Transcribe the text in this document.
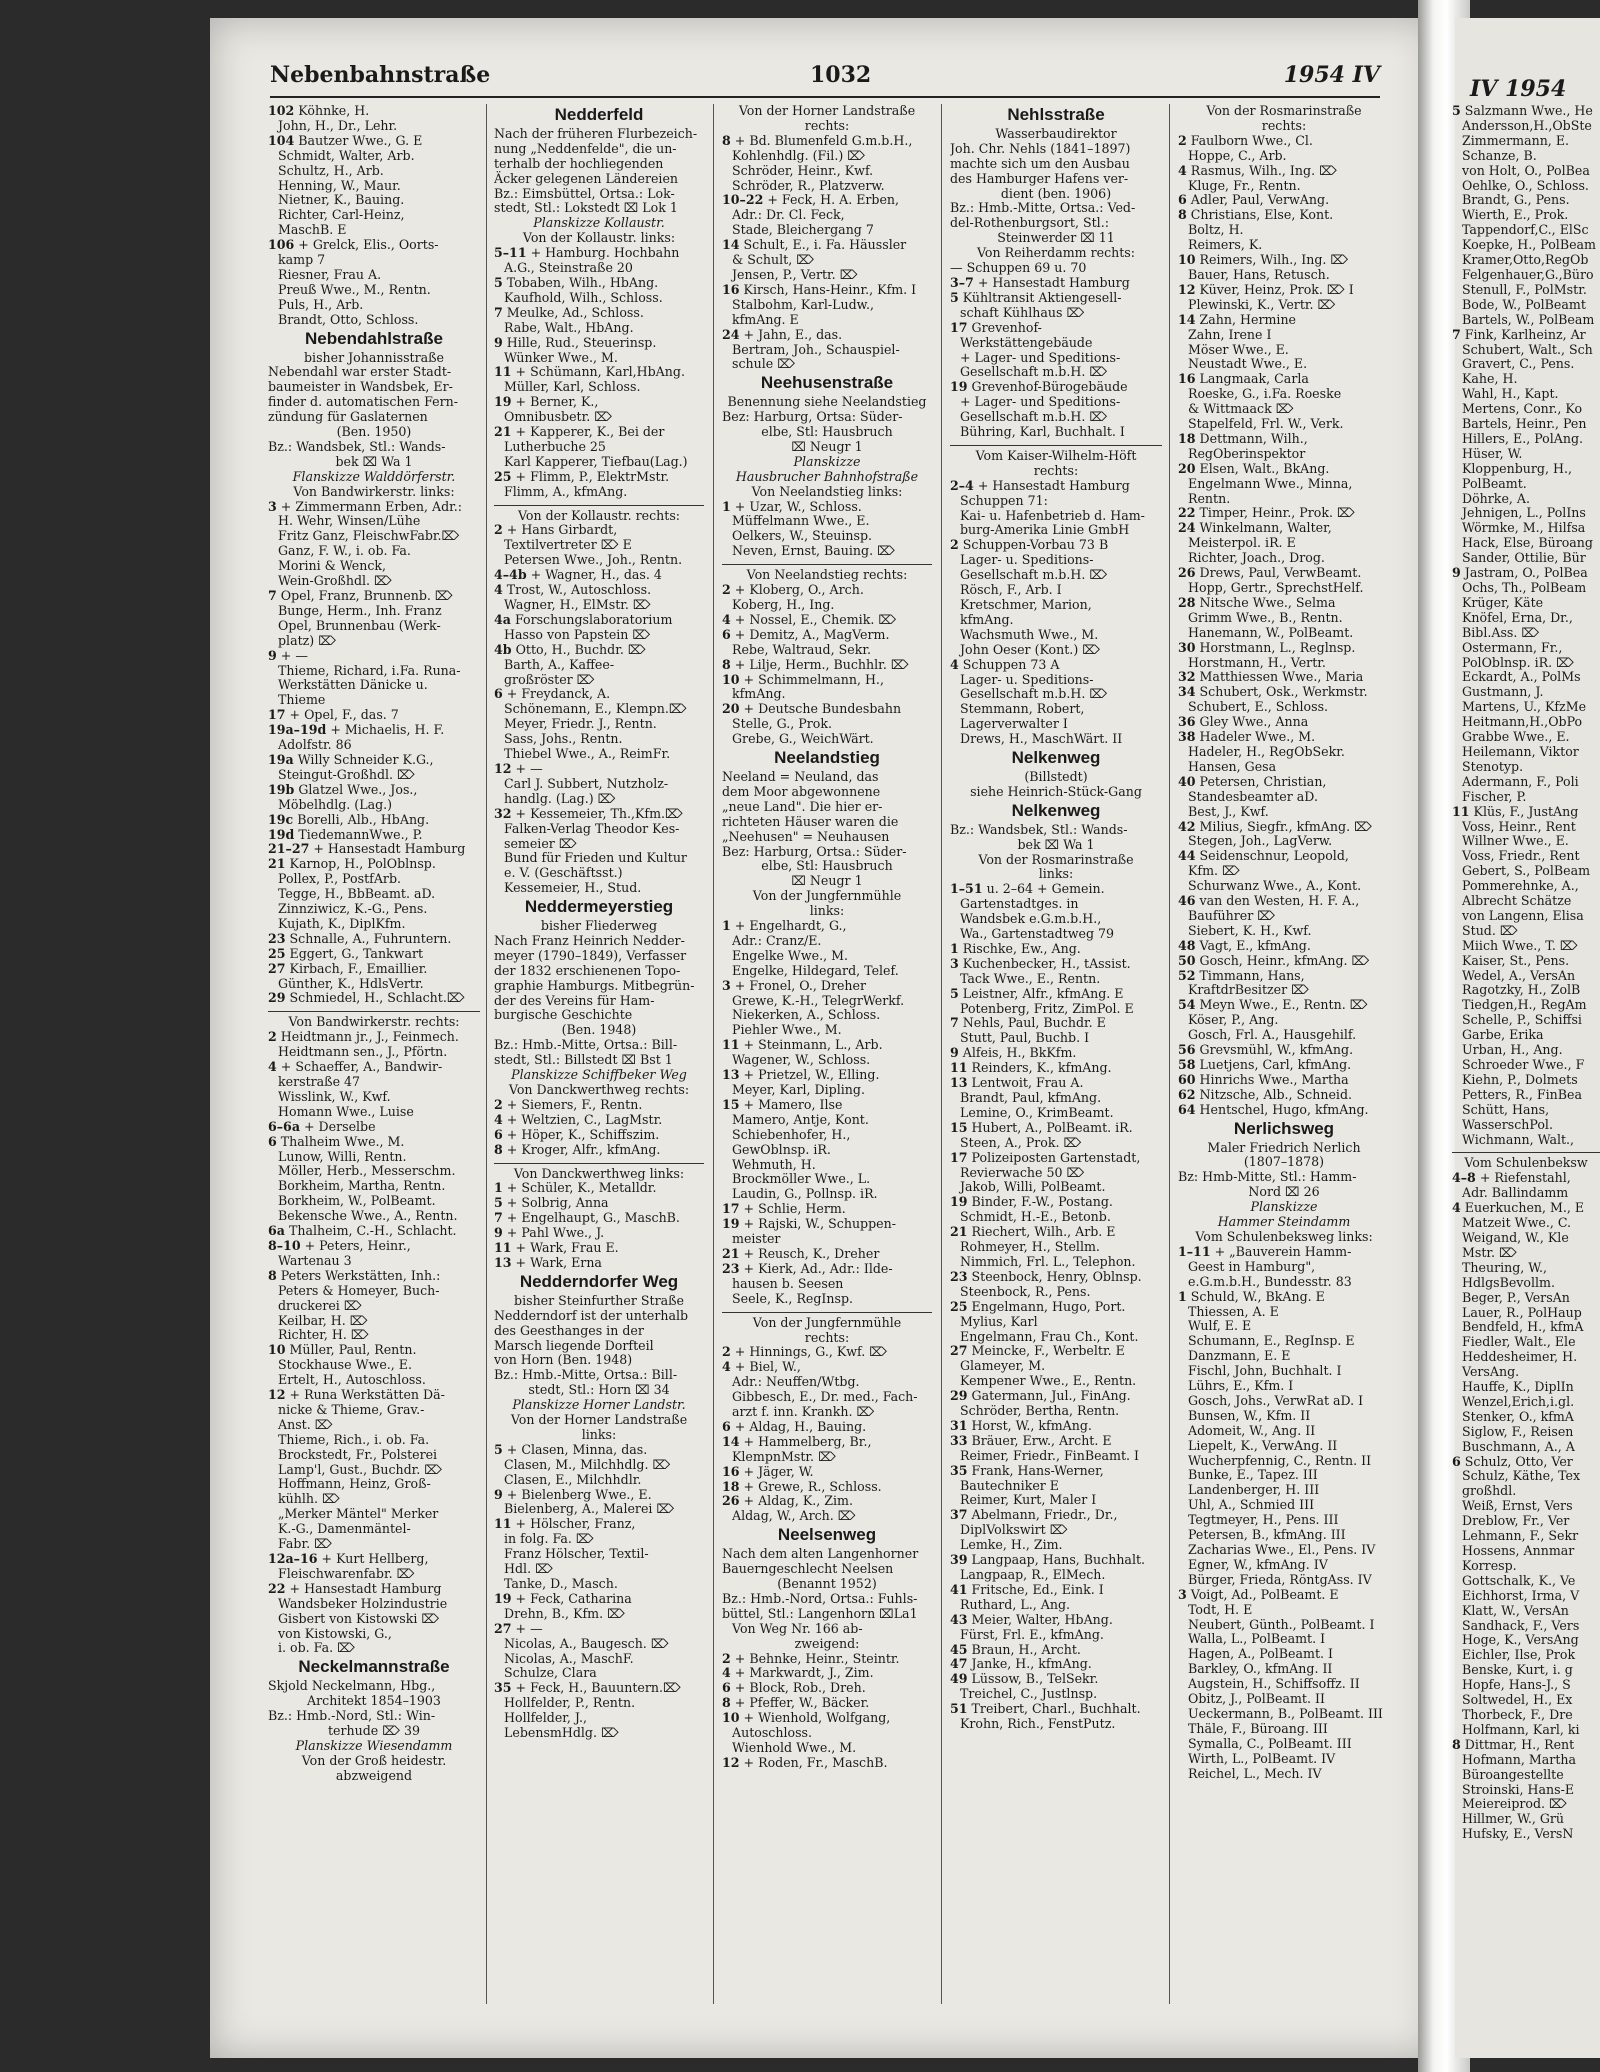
Nebenbahnstraße	1032	1954 IV
IV 1954

102 Köhnke, H.

John, H., Dr., Lehr.

104 Bautzer Wwe., G. E

Schmidt, Walter, Arb.

Schultz, H., Arb.

Henning, W., Maur.

Nietner, K., Bauing.

Richter, Carl-Heinz,

MaschB. E

106 + Grelck, Elis., Oorts-

kamp 7

Riesner, Frau A.

Preuß Wwe., M., Rentn.

Puls, H., Arb.

Brandt, Otto, Schloss.

Nebendahlstraße

bisher Johannisstraße

Nebendahl war erster Stadt-

baumeister in Wandsbek, Er-

finder d. automatischen Fern-

zündung für Gaslaternen

(Ben. 1950)

Bz.: Wandsbek, Stl.: Wands-

bek ⌧ Wa 1

Flanskizze Walddörferstr.

Von Bandwirkerstr. links:

3 + Zimmermann Erben, Adr.:

H. Wehr, Winsen/Lühe

Fritz Ganz, FleischwFabr.⌦

Ganz, F. W., i. ob. Fa.

Morini & Wenck,

Wein-Großhdl. ⌦

7 Opel, Franz, Brunnenb. ⌦

Bunge, Herm., Inh. Franz

Opel, Brunnenbau (Werk-

platz) ⌦

9 + —

Thieme, Richard, i.Fa. Runa-

Werkstätten Dänicke u.

Thieme

17 + Opel, F., das. 7

19a–19d + Michaelis, H. F.

Adolfstr. 86

19a Willy Schneider K.G.,

Steingut-Großhdl. ⌦

19b Glatzel Wwe., Jos.,

Möbelhdlg. (Lag.)

19c Borelli, Alb., HbAng.

19d TiedemannWwe., P.

21–27 + Hansestadt Hamburg

21 Karnop, H., PolOblnsp.

Pollex, P., PostfArb.

Tegge, H., BbBeamt. aD.

Zinnziwicz, K.-G., Pens.

Kujath, K., DiplKfm.

23 Schnalle, A., Fuhruntern.

25 Eggert, G., Tankwart

27 Kirbach, F., Emaillier.

Günther, K., HdlsVertr.

29 Schmiedel, H., Schlacht.⌦

Von Bandwirkerstr. rechts:

2 Heidtmann jr., J., Feinmech.

Heidtmann sen., J., Pförtn.

4 + Schaeffer, A., Bandwir-

kerstraße 47

Wisslink, W., Kwf.

Homann Wwe., Luise

6–6a + Derselbe

6 Thalheim Wwe., M.

Lunow, Willi, Rentn.

Möller, Herb., Messerschm.

Borkheim, Martha, Rentn.

Borkheim, W., PolBeamt.

Bekensche Wwe., A., Rentn.

6a Thalheim, C.-H., Schlacht.

8–10 + Peters, Heinr.,

Wartenau 3

8 Peters Werkstätten, Inh.:

Peters & Homeyer, Buch-

druckerei ⌦

Keilbar, H. ⌦

Richter, H. ⌦

10 Müller, Paul, Rentn.

Stockhause Wwe., E.

Ertelt, H., Autoschloss.

12 + Runa Werkstätten Dä-

nicke & Thieme, Grav.-

Anst. ⌦

Thieme, Rich., i. ob. Fa.

Brockstedt, Fr., Polsterei

Lamp'l, Gust., Buchdr. ⌦

Hoffmann, Heinz, Groß-

kühlh. ⌦

„Merker Mäntel" Merker

K.-G., Damenmäntel-

Fabr. ⌦

12a–16 + Kurt Hellberg,

Fleischwarenfabr. ⌦

22 + Hansestadt Hamburg

Wandsbeker Holzindustrie

Gisbert von Kistowski ⌦

von Kistowski, G.,

i. ob. Fa. ⌦

Neckelmannstraße

Skjold Neckelmann, Hbg.,

Architekt 1854–1903

Bz.: Hmb.-Nord, Stl.: Win-

terhude ⌦ 39

Planskizze Wiesendamm

Von der Groß heidestr.

abzweigend

Nedderfeld

Nach der früheren Flurbezeich-

nung „Neddenfelde", die un-

terhalb der hochliegenden

Äcker gelegenen Ländereien

Bz.: Eimsbüttel, Ortsa.: Lok-

stedt, Stl.: Lokstedt ⌧ Lok 1

Planskizze Kollaustr.

Von der Kollaustr. links:

5–11 + Hamburg. Hochbahn

A.G., Steinstraße 20

5 Tobaben, Wilh., HbAng.

Kaufhold, Wilh., Schloss.

7 Meulke, Ad., Schloss.

Rabe, Walt., HbAng.

9 Hille, Rud., Steuerinsp.

Wünker Wwe., M.

11 + Schümann, Karl,HbAng.

Müller, Karl, Schloss.

19 + Berner, K.,

Omnibusbetr. ⌦

21 + Kapperer, K., Bei der

Lutherbuche 25

Karl Kapperer, Tiefbau(Lag.)

25 + Flimm, P., ElektrMstr.

Flimm, A., kfmAng.

Von der Kollaustr. rechts:

2 + Hans Girbardt,

Textilvertreter ⌦ E

Petersen Wwe., Joh., Rentn.

4–4b + Wagner, H., das. 4

4 Trost, W., Autoschloss.

Wagner, H., ElMstr. ⌦

4a Forschungslaboratorium

Hasso von Papstein ⌦

4b Otto, H., Buchdr. ⌦

Barth, A., Kaffee-

großröster ⌦

6 + Freydanck, A.

Schönemann, E., Klempn.⌦

Meyer, Friedr. J., Rentn.

Sass, Johs., Rentn.

Thiebel Wwe., A., ReimFr.

12 + —

Carl J. Subbert, Nutzholz-

handlg. (Lag.) ⌦

32 + Kessemeier, Th.,Kfm.⌦

Falken-Verlag Theodor Kes-

semeier ⌦

Bund für Frieden und Kultur

e. V. (Geschäftsst.)

Kessemeier, H., Stud.

Neddermeyerstieg

bisher Fliederweg

Nach Franz Heinrich Nedder-

meyer (1790–1849), Verfasser

der 1832 erschienenen Topo-

graphie Hamburgs. Mitbegrün-

der des Vereins für Ham-

burgische Geschichte

(Ben. 1948)

Bz.: Hmb.-Mitte, Ortsa.: Bill-

stedt, Stl.: Billstedt ⌧ Bst 1

Planskizze Schiffbeker Weg

Von Danckwerthweg rechts:

2 + Siemers, F., Rentn.

4 + Weltzien, C., LagMstr.

6 + Höper, K., Schiffszim.

8 + Kroger, Alfr., kfmAng.

Von Danckwerthweg links:

1 + Schüler, K., Metalldr.

5 + Solbrig, Anna

7 + Engelhaupt, G., MaschB.

9 + Pahl Wwe., J.

11 + Wark, Frau E.

13 + Wark, Erna

Nedderndorfer Weg

bisher Steinfurther Straße

Nedderndorf ist der unterhalb

des Geesthanges in der

Marsch liegende Dorfteil

von Horn (Ben. 1948)

Bz.: Hmb.-Mitte, Ortsa.: Bill-

stedt, Stl.: Horn ⌧ 34

Planskizze Horner Landstr.

Von der Horner Landstraße

links:

5 + Clasen, Minna, das.

Clasen, M., Milchhdlg. ⌦

Clasen, E., Milchhdlr.

9 + Bielenberg Wwe., E.

Bielenberg, A., Malerei ⌦

11 + Hölscher, Franz,

in folg. Fa. ⌦

Franz Hölscher, Textil-

Hdl. ⌦

Tanke, D., Masch.

19 + Feck, Catharina

Drehn, B., Kfm. ⌦

27 + —

Nicolas, A., Baugesch. ⌦

Nicolas, A., MaschF.

Schulze, Clara

35 + Feck, H., Bauuntern.⌦

Hollfelder, P., Rentn.

Hollfelder, J.,

LebensmHdlg. ⌦

Von der Horner Landstraße

rechts:

8 + Bd. Blumenfeld G.m.b.H.,

Kohlenhdlg. (Fil.) ⌦

Schröder, Heinr., Kwf.

Schröder, R., Platzverw.

10–22 + Feck, H. A. Erben,

Adr.: Dr. Cl. Feck,

Stade, Bleichergang 7

14 Schult, E., i. Fa. Häussler

& Schult, ⌦

Jensen, P., Vertr. ⌦

16 Kirsch, Hans-Heinr., Kfm. I

Stalbohm, Karl-Ludw.,

kfmAng. E

24 + Jahn, E., das.

Bertram, Joh., Schauspiel-

schule ⌦

Neehusenstraße

Benennung siehe Neelandstieg

Bez: Harburg, Ortsa: Süder-

elbe, Stl: Hausbruch

⌧ Neugr 1

Planskizze

Hausbrucher Bahnhofstraße

Von Neelandstieg links:

1 + Uzar, W., Schloss.

Müffelmann Wwe., E.

Oelkers, W., Steuinsp.

Neven, Ernst, Bauing. ⌦

Von Neelandstieg rechts:

2 + Kloberg, O., Arch.

Koberg, H., Ing.

4 + Nossel, E., Chemik. ⌦

6 + Demitz, A., MagVerm.

Rebe, Waltraud, Sekr.

8 + Lilje, Herm., Buchhlr. ⌦

10 + Schimmelmann, H.,

kfmAng.

20 + Deutsche Bundesbahn

Stelle, G., Prok.

Grebe, G., WeichWärt.

Neelandstieg

Neeland = Neuland, das

dem Moor abgewonnene

„neue Land". Die hier er-

richteten Häuser waren die

„Neehusen" = Neuhausen

Bez: Harburg, Ortsa.: Süder-

elbe, Stl: Hausbruch

⌧ Neugr 1

Von der Jungfernmühle

links:

1 + Engelhardt, G.,

Adr.: Cranz/E.

Engelke Wwe., M.

Engelke, Hildegard, Telef.

3 + Fronel, O., Dreher

Grewe, K.-H., TelegrWerkf.

Niekerken, A., Schloss.

Piehler Wwe., M.

11 + Steinmann, L., Arb.

Wagener, W., Schloss.

13 + Prietzel, W., Elling.

Meyer, Karl, Dipling.

15 + Mamero, Ilse

Mamero, Antje, Kont.

Schiebenhofer, H.,

GewOblnsp. iR.

Wehmuth, H.

Brockmöller Wwe., L.

Laudin, G., Pollnsp. iR.

17 + Schlie, Herm.

19 + Rajski, W., Schuppen-

meister

21 + Reusch, K., Dreher

23 + Kierk, Ad., Adr.: Ilde-

hausen b. Seesen

Seele, K., RegInsp.

Von der Jungfernmühle

rechts:

2 + Hinnings, G., Kwf. ⌦

4 + Biel, W.,

Adr.: Neuffen/Wtbg.

Gibbesch, E., Dr. med., Fach-

arzt f. inn. Krankh. ⌦

6 + Aldag, H., Bauing.

14 + Hammelberg, Br.,

KlempnMstr. ⌦

16 + Jäger, W.

18 + Grewe, R., Schloss.

26 + Aldag, K., Zim.

Aldag, W., Arch. ⌦

Neelsenweg

Nach dem alten Langenhorner

Bauerngeschlecht Neelsen

(Benannt 1952)

Bz.: Hmb.-Nord, Ortsa.: Fuhls-

büttel, Stl.: Langenhorn ⌧La1

Von Weg Nr. 166 ab-

zweigend:

2 + Behnke, Heinr., Steintr.

4 + Markwardt, J., Zim.

6 + Block, Rob., Dreh.

8 + Pfeffer, W., Bäcker.

10 + Wienhold, Wolfgang,

Autoschloss.

Wienhold Wwe., M.

12 + Roden, Fr., MaschB.

Nehlsstraße

Wasserbaudirektor

Joh. Chr. Nehls (1841–1897)

machte sich um den Ausbau

des Hamburger Hafens ver-

dient (ben. 1906)

Bz.: Hmb.-Mitte, Ortsa.: Ved-

del-Rothenburgsort, Stl.:

Steinwerder ⌧ 11

Von Reiherdamm rechts:

— Schuppen 69 u. 70

3–7 + Hansestadt Hamburg

5 Kühltransit Aktiengesell-

schaft Kühlhaus ⌦

17 Grevenhof-

Werkstättengebäude

+ Lager- und Speditions-

Gesellschaft m.b.H. ⌦

19 Grevenhof-Bürogebäude

+ Lager- und Speditions-

Gesellschaft m.b.H. ⌦

Bühring, Karl, Buchhalt. I

Vom Kaiser-Wilhelm-Höft

rechts:

2–4 + Hansestadt Hamburg

Schuppen 71:

Kai- u. Hafenbetrieb d. Ham-

burg-Amerika Linie GmbH

2 Schuppen-Vorbau 73 B

Lager- u. Speditions-

Gesellschaft m.b.H. ⌦

Rösch, F., Arb. I

Kretschmer, Marion,

kfmAng.

Wachsmuth Wwe., M.

John Oeser (Kont.) ⌦

4 Schuppen 73 A

Lager- u. Speditions-

Gesellschaft m.b.H. ⌦

Stemmann, Robert,

Lagerverwalter I

Drews, H., MaschWärt. II

Nelkenweg

(Billstedt)

siehe Heinrich-Stück-Gang

Nelkenweg

Bz.: Wandsbek, Stl.: Wands-

bek ⌧ Wa 1

Von der Rosmarinstraße

links:

1–51 u. 2–64 + Gemein.

Gartenstadtges. in

Wandsbek e.G.m.b.H.,

Wa., Gartenstadtweg 79

1 Rischke, Ew., Ang.

3 Kuchenbecker, H., tAssist.

Tack Wwe., E., Rentn.

5 Leistner, Alfr., kfmAng. E

Potenberg, Fritz, ZimPol. E

7 Nehls, Paul, Buchdr. E

Stutt, Paul, Buchb. I

9 Alfeis, H., BkKfm.

11 Reinders, K., kfmAng.

13 Lentwoit, Frau A.

Brandt, Paul, kfmAng.

Lemine, O., KrimBeamt.

15 Hubert, A., PolBeamt. iR.

Steen, A., Prok. ⌦

17 Polizeiposten Gartenstadt,

Revierwache 50 ⌦

Jakob, Willi, PolBeamt.

19 Binder, F.-W., Postang.

Schmidt, H.-E., Betonb.

21 Riechert, Wilh., Arb. E

Rohmeyer, H., Stellm.

Nimmich, Frl. L., Telephon.

23 Steenbock, Henry, Oblnsp.

Steenbock, R., Pens.

25 Engelmann, Hugo, Port.

Mylius, Karl

Engelmann, Frau Ch., Kont.

27 Meincke, F., Werbeltr. E

Glameyer, M.

Kempener Wwe., E., Rentn.

29 Gatermann, Jul., FinAng.

Schröder, Bertha, Rentn.

31 Horst, W., kfmAng.

33 Bräuer, Erw., Archt. E

Reimer, Friedr., FinBeamt. I

35 Frank, Hans-Werner,

Bautechniker E

Reimer, Kurt, Maler I

37 Abelmann, Friedr., Dr.,

DiplVolkswirt ⌦

Lemke, H., Zim.

39 Langpaap, Hans, Buchhalt.

Langpaap, R., ElMech.

41 Fritsche, Ed., Eink. I

Ruthard, L., Ang.

43 Meier, Walter, HbAng.

Fürst, Frl. E., kfmAng.

45 Braun, H., Archt.

47 Janke, H., kfmAng.

49 Lüssow, B., TelSekr.

Treichel, C., Justlnsp.

51 Treibert, Charl., Buchhalt.

Krohn, Rich., FenstPutz.

Von der Rosmarinstraße

rechts:

2 Faulborn Wwe., Cl.

Hoppe, C., Arb.

4 Rasmus, Wilh., Ing. ⌦

Kluge, Fr., Rentn.

6 Adler, Paul, VerwAng.

8 Christians, Else, Kont.

Boltz, H.

Reimers, K.

10 Reimers, Wilh., Ing. ⌦

Bauer, Hans, Retusch.

12 Küver, Heinz, Prok. ⌦ I

Plewinski, K., Vertr. ⌦

14 Zahn, Hermine

Zahn, Irene I

Möser Wwe., E.

Neustadt Wwe., E.

16 Langmaak, Carla

Roeske, G., i.Fa. Roeske

& Wittmaack ⌦

Stapelfeld, Frl. W., Verk.

18 Dettmann, Wilh.,

RegOberinspektor

20 Elsen, Walt., BkAng.

Engelmann Wwe., Minna,

Rentn.

22 Timper, Heinr., Prok. ⌦

24 Winkelmann, Walter,

Meisterpol. iR. E

Richter, Joach., Drog.

26 Drews, Paul, VerwBeamt.

Hopp, Gertr., SprechstHelf.

28 Nitsche Wwe., Selma

Grimm Wwe., B., Rentn.

Hanemann, W., PolBeamt.

30 Horstmann, L., Reglnsp.

Horstmann, H., Vertr.

32 Matthiessen Wwe., Maria

34 Schubert, Osk., Werkmstr.

Schubert, E., Schloss.

36 Gley Wwe., Anna

38 Hadeler Wwe., M.

Hadeler, H., RegObSekr.

Hansen, Gesa

40 Petersen, Christian,

Standesbeamter aD.

Best, J., Kwf.

42 Milius, Siegfr., kfmAng. ⌦

Stegen, Joh., LagVerw.

44 Seidenschnur, Leopold,

Kfm. ⌦

Schurwanz Wwe., A., Kont.

46 van den Westen, H. F. A.,

Bauführer ⌦

Siebert, K. H., Kwf.

48 Vagt, E., kfmAng.

50 Gosch, Heinr., kfmAng. ⌦

52 Timmann, Hans,

KraftdrBesitzer ⌦

54 Meyn Wwe., E., Rentn. ⌦

Köser, P., Ang.

Gosch, Frl. A., Hausgehilf.

56 Grevsmühl, W., kfmAng.

58 Luetjens, Carl, kfmAng.

60 Hinrichs Wwe., Martha

62 Nitzsche, Alb., Schneid.

64 Hentschel, Hugo, kfmAng.

Nerlichsweg

Maler Friedrich Nerlich

(1807–1878)

Bz: Hmb-Mitte, Stl.: Hamm-

Nord ⌧ 26

Planskizze

Hammer Steindamm

Vom Schulenbeksweg links:

1–11 + „Bauverein Hamm-

Geest in Hamburg",

e.G.m.b.H., Bundesstr. 83

1 Schuld, W., BkAng. E

Thiessen, A. E

Wulf, E. E

Schumann, E., RegInsp. E

Danzmann, E. E

Fischl, John, Buchhalt. I

Lührs, E., Kfm. I

Gosch, Johs., VerwRat aD. I

Bunsen, W., Kfm. II

Adomeit, W., Ang. II

Liepelt, K., VerwAng. II

Wucherpfennig, C., Rentn. II

Bunke, E., Tapez. III

Landenberger, H. III

Uhl, A., Schmied III

Tegtmeyer, H., Pens. III

Petersen, B., kfmAng. III

Zacharias Wwe., El., Pens. IV

Egner, W., kfmAng. IV

Bürger, Frieda, RöntgAss. IV

3 Voigt, Ad., PolBeamt. E

Todt, H. E

Neubert, Günth., PolBeamt. I

Walla, L., PolBeamt. I

Hagen, A., PolBeamt. I

Barkley, O., kfmAng. II

Augstein, H., Schiffsoffz. II

Obitz, J., PolBeamt. II

Ueckermann, B., PolBeamt. III

Thäle, F., Büroang. III

Symalla, C., PolBeamt. III

Wirth, L., PolBeamt. IV

Reichel, L., Mech. IV

5 Salzmann Wwe., He

Andersson,H.,ObSte

Zimmermann, E.

Schanze, B.

von Holt, O., PolBea

Oehlke, O., Schloss.

Brandt, G., Pens.

Wierth, E., Prok.

Tappendorf,C., ElSc

Koepke, H., PolBeam

Kramer,Otto,RegOb

Felgenhauer,G.,Büro

Stenull, F., PolMstr.

Bode, W., PolBeamt

Bartels, W., PolBeam

7 Fink, Karlheinz, Ar

Schubert, Walt., Sch

Gravert, C., Pens.

Kahe, H.

Wahl, H., Kapt.

Mertens, Conr., Ko

Bartels, Heinr., Pen

Hillers, E., PolAng.

Hüser, W.

Kloppenburg, H.,

PolBeamt.

Döhrke, A.

Jehnigen, L., PolIns

Wörmke, M., Hilfsa

Hack, Else, Büroang

Sander, Ottilie, Bür

9 Jastram, O., PolBea

Ochs, Th., PolBeam

Krüger, Käte

Knöfel, Erna, Dr.,

Bibl.Ass. ⌦

Ostermann, Fr.,

PolOblnsp. iR. ⌦

Eckardt, A., PolMs

Gustmann, J.

Martens, U., KfzMe

Heitmann,H.,ObPo

Grabbe Wwe., E.

Heilemann, Viktor

Stenotyp.

Adermann, F., Poli

Fischer, P.

11 Klüs, F., JustAng

Voss, Heinr., Rent

Willner Wwe., E.

Voss, Friedr., Rent

Gebert, S., PolBeam

Pommerehnke, A.,

Albrecht Schätze

von Langenn, Elisa

Stud. ⌦

Miich Wwe., T. ⌦

Kaiser, St., Pens.

Wedel, A., VersAn

Ragotzky, H., ZolB

Tiedgen,H., RegAm

Schelle, P., Schiffsi

Garbe, Erika

Urban, H., Ang.

Schroeder Wwe., F

Kiehn, P., Dolmets

Petters, R., FinBea

Schütt, Hans,

WasserschPol.

Wichmann, Walt.,

Vom Schulenbeksw

4–8 + Riefenstahl,

Adr. Ballindamm

4 Euerkuchen, M., E

Matzeit Wwe., C.

Weigand, W., Kle

Mstr. ⌦

Theuring, W.,

HdlgsBevollm.

Beger, P., VersAn

Lauer, R., PolHaup

Bendfeld, H., kfmA

Fiedler, Walt., Ele

Heddesheimer, H.

VersAng.

Hauffe, K., DiplIn

Wenzel,Erich,i.gl.

Stenker, O., kfmA

Siglow, F., Reisen

Buschmann, A., A

6 Schulz, Otto, Ver

Schulz, Käthe, Tex

großhdl.

Weiß, Ernst, Vers

Dreblow, Fr., Ver

Lehmann, F., Sekr

Hossens, Annmar

Korresp.

Gottschalk, K., Ve

Eichhorst, Irma, V

Klatt, W., VersAn

Sandhack, F., Vers

Hoge, K., VersAng

Eichler, Ilse, Prok

Benske, Kurt, i. g

Hopfe, Hans-J., S

Soltwedel, H., Ex

Thorbeck, F., Dre

Holfmann, Karl, ki

8 Dittmar, H., Rent

Hofmann, Martha

Büroangestellte

Stroinski, Hans-E

Meiereiprod. ⌦

Hillmer, W., Grü

Hufsky, E., VersN
